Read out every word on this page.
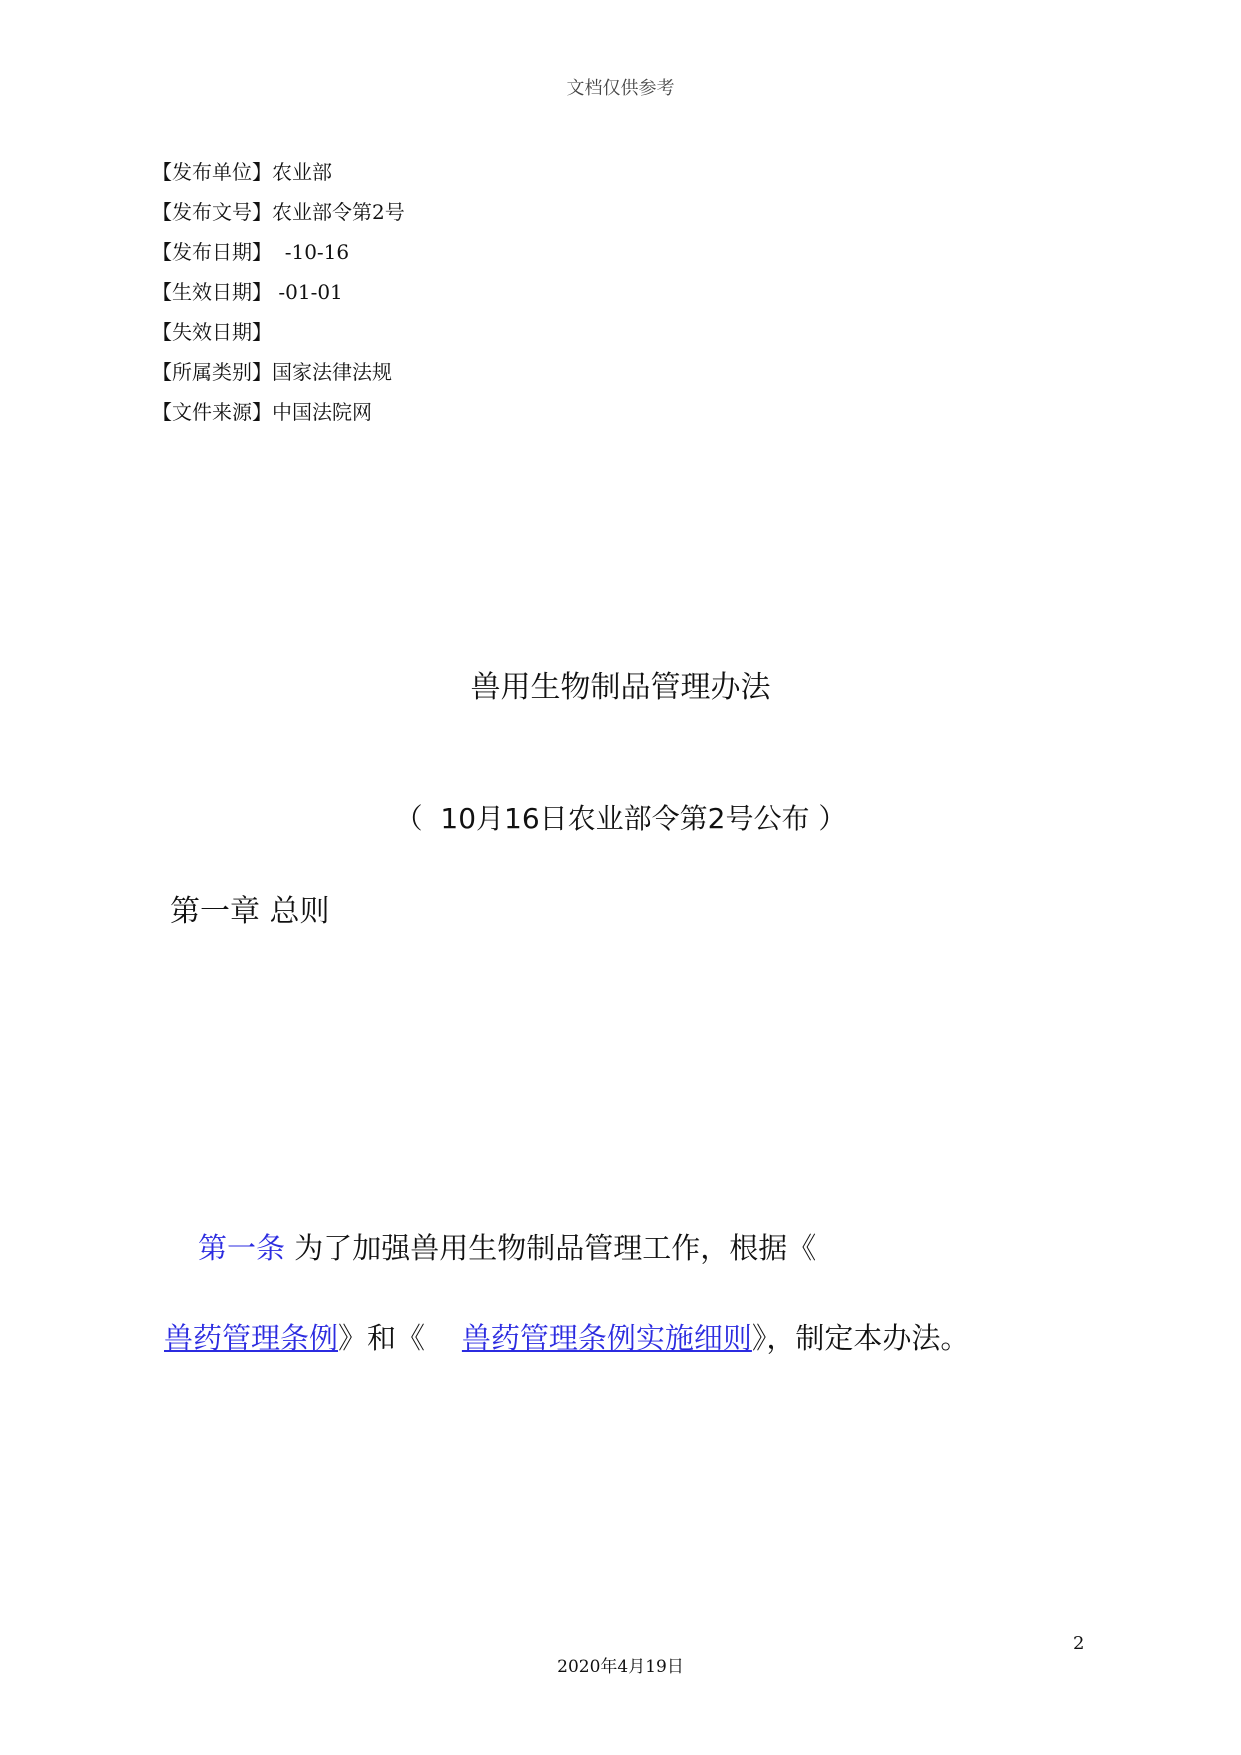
文档仅供参考
【发布单位】农业部
【发布文号】农业部令第2号
【发布日期】  -10-16
【生效日期】 -01-01
【失效日期】
【所属类别】国家法律法规
【文件来源】中国法院网
兽用生物制品管理办法
（  10月16日农业部令第2号公布 ）
第一章 总则
第一条 为了加强兽用生物制品管理工作，根据《
兽药管理条例》和《    兽药管理条例实施细则》，制定本办法。
2
2020年4月19日
